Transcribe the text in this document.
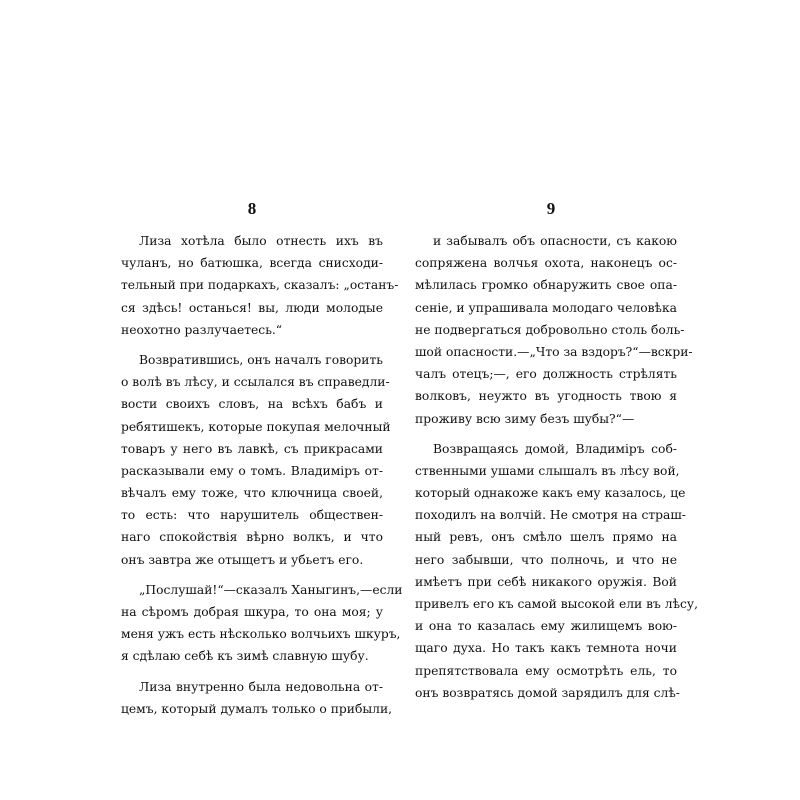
8
Лиза хотѣла было отнесть ихъ въ
чуланъ, но батюшка, всегда снисходи-
тельный при подаркахъ, сказалъ: „останъ-
ся здѣсь! останься! вы, люди молодые
неохотно разлучаетесь.“
Возвратившись, онъ началъ говорить
о волѣ въ лѣсу, и ссылался въ справедли-
вости своихъ словъ, на всѣхъ бабъ и
ребятишекъ, которые покупая мелочный
товаръ у него въ лавкѣ, съ прикрасами
расказывали ему о томъ. Владиміръ от-
вѣчалъ ему тоже, что ключница своей,
то есть: что нарушитель обществен-
наго спокойствія вѣрно волкъ, и что
онъ завтра же отыщетъ и убьетъ его.
„Послушай!“—сказалъ Ханыгинъ,—если
на сѣромъ добрая шкура, то она моя; у
меня ужъ есть нѣсколько волчьихъ шкуръ,
я сдѣлаю себѣ къ зимѣ славную шубу.
Лиза внутренно была недовольна от-
цемъ, который думалъ только о прибыли,
9
и забывалъ объ опасности, съ какою
сопряжена волчья охота, наконецъ ос-
мѣлилась громко обнаружить свое опа-
сеніе, и упрашивала молодаго человѣка
не подвергаться добровольно столь боль-
шой опасности.—„Что за вздоръ?“—вскри-
чалъ отецъ;—, его должность стрѣлять
волковъ, неужто въ угодность твою я
проживу всю зиму безъ шубы?“—
Возвращаясь домой, Владиміръ соб-
ственными ушами слышалъ въ лѣсу вой,
который однакоже какъ ему казалось, це
походилъ на волчій. Не смотря на страш-
ный ревъ, онъ смѣло шелъ прямо на
него забывши, что полночь, и что не
имѣетъ при себѣ никакого оружія. Вой
привелъ его къ самой высокой ели въ лѣсу,
и она то казалась ему жилищемъ вою-
щаго духа. Но такъ какъ темнота ночи
препятствовала ему осмотрѣть ель, то
онъ возвратясь домой зарядилъ для слѣ-
